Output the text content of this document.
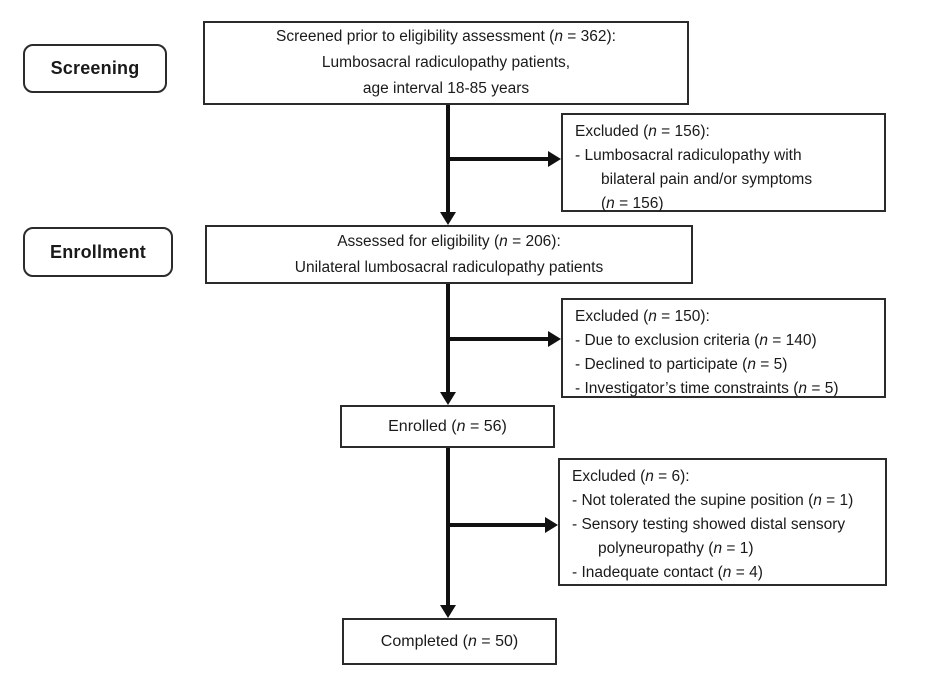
Screening
Enrollment
Screened prior to eligibility assessment (n = 362):
Lumbosacral radiculopathy patients,
age interval 18-85 years
Excluded (n = 156):
- Lumbosacral radiculopathy with
bilateral pain and/or symptoms
(n = 156)
Assessed for eligibility (n = 206):
Unilateral lumbosacral radiculopathy patients
Excluded (n = 150):
- Due to exclusion criteria (n = 140)
- Declined to participate (n = 5)
- Investigator’s time constraints (n = 5)
Enrolled (n = 56)
Excluded (n = 6):
- Not tolerated the supine position (n = 1)
- Sensory testing showed distal sensory
polyneuropathy (n = 1)
- Inadequate contact (n = 4)
Completed (n = 50)
